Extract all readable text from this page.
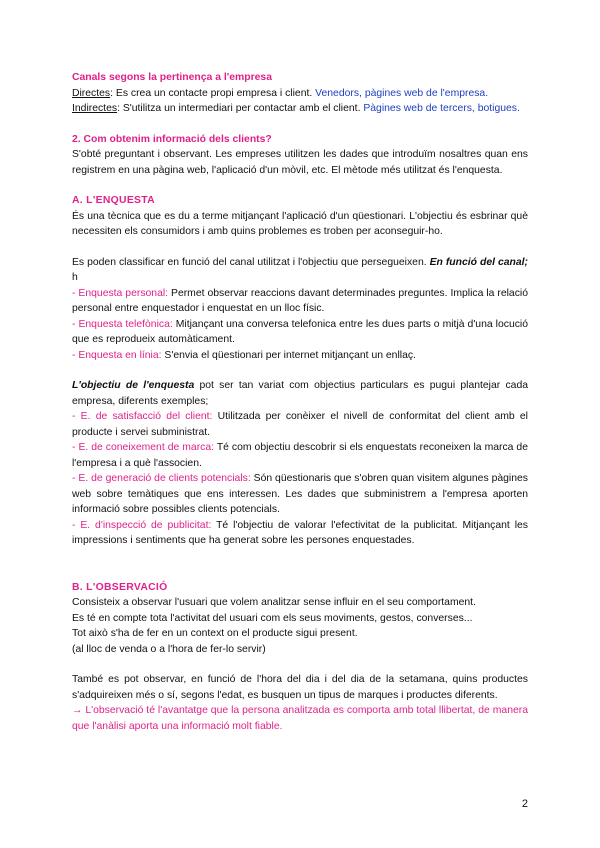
Canals segons la pertinença a l'empresa

Directes: Es crea un contacte propi empresa i client. Venedors, pàgines web de l'empresa.

Indirectes: S'utilitza un intermediari per contactar amb el client. Pàgines web de tercers, botigues.

2. Com obtenim informació dels clients?

S'obté preguntant i observant. Les empreses utilitzen les dades que introduïm nosaltres quan ens registrem en una pàgina web, l'aplicació d'un mòvil, etc. El mètode més utilitzat és l'enquesta.

A. L'ENQUESTA

És una tècnica que es du a terme mitjançant l'aplicació d'un qüestionari. L'objectiu és esbrinar què necessiten els consumidors i amb quins problemes es troben per aconseguir-ho.

Es poden classificar en funció del canal utilitzat i l'objectiu que persegueixen. En funció del canal; h

- Enquesta personal: Permet observar reaccions davant determinades preguntes. Implica la relació personal entre enquestador i enquestat en un lloc físic.

- Enquesta telefònica: Mitjançant una conversa telefonica entre les dues parts o mitjà d'una locució que es reprodueix automàticament.

- Enquesta en línia: S'envia el qüestionari per internet mitjançant un enllaç.

L'objectiu de l'enquesta pot ser tan variat com objectius particulars es pugui plantejar cada empresa, diferents exemples;

- E. de satisfacció del client: Utilitzada per conèixer el nivell de conformitat del client amb el producte i servei subministrat.

- E. de coneixement de marca: Té com objectiu descobrir si els enquestats reconeixen la marca de l'empresa i a què l'associen.

- E. de generació de clients potencials: Són qüestionaris que s'obren quan visitem algunes pàgines web sobre temàtiques que ens interessen. Les dades que subministrem a l'empresa aporten informació sobre possibles clients potencials.

- E. d'inspecció de publicitat: Té l'objectiu de valorar l'efectivitat de la publicitat. Mitjançant les impressions i sentiments que ha generat sobre les persones enquestades.

B. L'OBSERVACIÓ

Consisteix a observar l'usuari que volem analitzar sense influir en el seu comportament.

Es té en compte tota l'activitat del usuari com els seus moviments, gestos, converses...

Tot això s'ha de fer en un context on el producte sigui present.

(al lloc de venda o a l'hora de fer-lo servir)

També es pot observar, en funció de l'hora del dia i del dia de la setamana, quins productes s'adquireixen més o sí, segons l'edat, es busquen un tipus de marques i productes diferents.

→ L'observació té l'avantatge que la persona analitzada es comporta amb total llibertat, de manera que l'anàlisi aporta una informació molt fiable.

2
